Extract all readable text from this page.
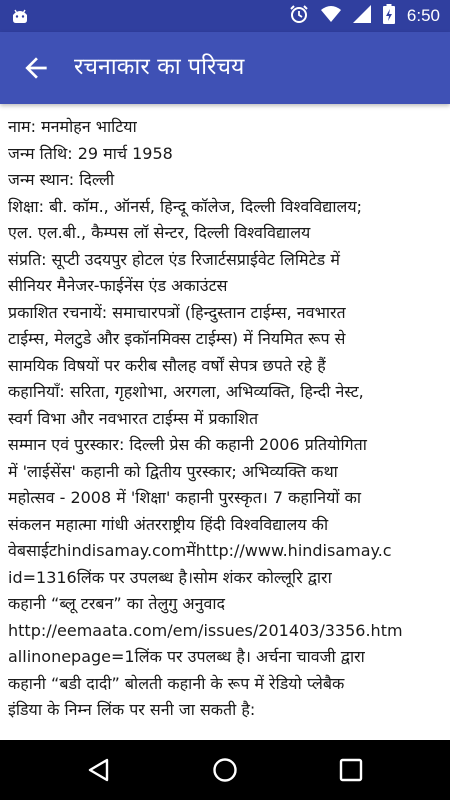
6:50
रचनाकार का परिचय
नाम: मनमोहन भाटिया
जन्म तिथि: 29 मार्च 1958
जन्म स्थान: दिल्ली
शिक्षा: बी. कॉम., ऑनर्स, हिन्दू कॉलेज, दिल्ली विश्वविद्यालय;
एल. एल.बी., कैम्पस लॉ सेन्टर, दिल्ली विश्वविद्यालय
संप्रति: सूप्टी उदयपुर होटल एंड रिजार्टसप्राईवेट लिमिटेड में
सीनियर मैनेजर-फाईनेंस एंड अकाउंटस
प्रकाशित रचनायें: समाचारपत्रों (हिन्दुस्तान टाईम्स, नवभारत
टाईम्स, मेलटुडे और इकॉनमिक्स टाईम्स) में नियमित रूप से
सामयिक विषयों पर करीब सौलह वर्षों सेपत्र छपते रहे हैं
कहानियाँ: सरिता, गृहशोभा, अरगला, अभिव्यक्ति, हिन्दी नेस्ट,
स्वर्ग विभा और नवभारत टाईम्स में प्रकाशित
सम्मान एवं पुरस्कार: दिल्ली प्रेस की कहानी 2006 प्रतियोगिता
में 'लाईसेंस' कहानी को द्वितीय पुरस्कार; अभिव्यक्ति कथा
महोत्सव - 2008 में 'शिक्षा' कहानी पुरस्कृत। 7 कहानियों का
संकलन महात्मा गांधी अंतरराष्ट्रीय हिंदी विश्वविद्यालय की
वेबसाईटhindisamay.comमेंhttp://www.hindisamay.c
id=1316लिंक पर उपलब्ध है।सोम शंकर कोल्लूरि द्वारा
कहानी “ब्लू टरबन” का तेलुगु अनुवाद
http://eemaata.com/em/issues/201403/3356.htm
allinonepage=1लिंक पर उपलब्ध है। अर्चना चावजी द्वारा
कहानी “बडी दादी” बोलती कहानी के रूप में रेडियो प्लेबैक
इंडिया के निम्न लिंक पर सनी जा सकती है:
